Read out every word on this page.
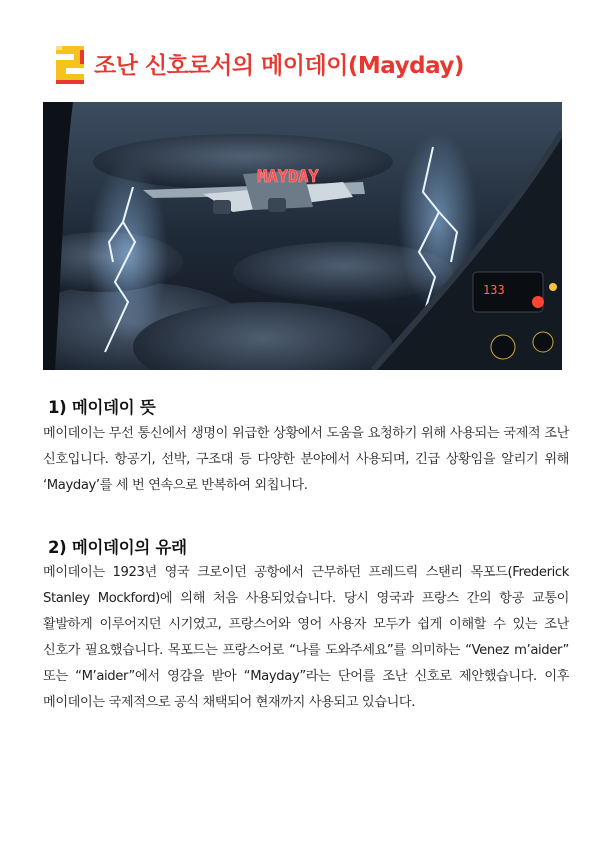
조난 신호로서의 메이데이(Mayday)
MAYDAY
133
1) 메이데이 뜻
메이데이는 무선 통신에서 생명이 위급한 상황에서 도움을 요청하기 위해 사용되는 국제적 조난 신호입니다. 항공기, 선박, 구조대 등 다양한 분야에서 사용되며, 긴급 상황임을 알리기 위해 ‘Mayday’를 세 번 연속으로 반복하여 외칩니다.
2) 메이데이의 유래
메이데이는 1923년 영국 크로이던 공항에서 근무하던 프레드릭 스탠리 목포드(Frederick Stanley Mockford)에 의해 처음 사용되었습니다. 당시 영국과 프랑스 간의 항공 교통이 활발하게 이루어지던 시기였고, 프랑스어와 영어 사용자 모두가 쉽게 이해할 수 있는 조난 신호가 필요했습니다. 목포드는 프랑스어로 “나를 도와주세요”를 의미하는 “Venez m’aider” 또는 “M’aider”에서 영감을 받아 “Mayday”라는 단어를 조난 신호로 제안했습니다. 이후 메이데이는 국제적으로 공식 채택되어 현재까지 사용되고 있습니다.
